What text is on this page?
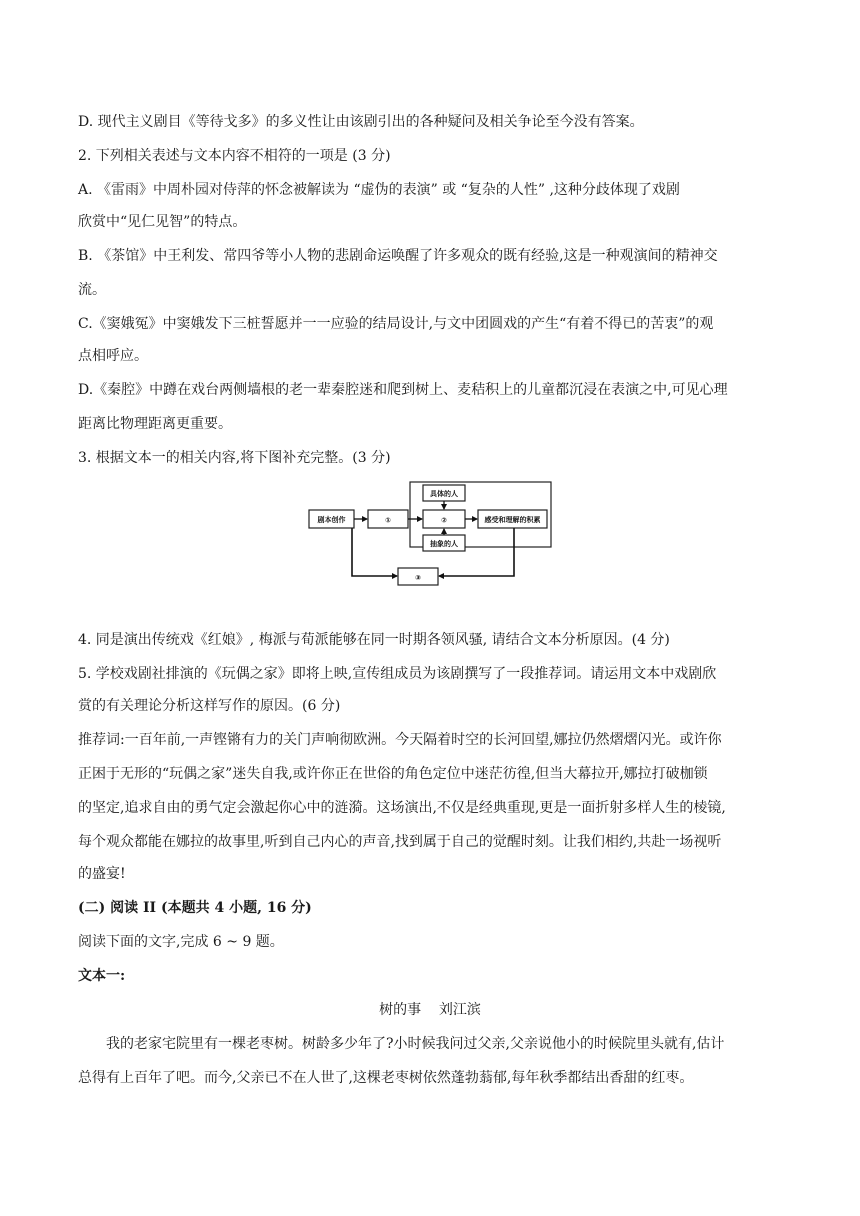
D. 现代主义剧目《等待戈多》的多义性让由该剧引出的各种疑问及相关争论至今没有答案。
2. 下列相关表述与文本内容不相符的一项是 (3 分)
A. 《雷雨》中周朴园对侍萍的怀念被解读为 “虚伪的表演” 或 “复杂的人性” ,这种分歧体现了戏剧
欣赏中“见仁见智”的特点。
B. 《茶馆》中王利发、常四爷等小人物的悲剧命运唤醒了许多观众的既有经验,这是一种观演间的精神交
流。
C.《窦娥冤》中窦娥发下三桩誓愿并一一应验的结局设计,与文中团圆戏的产生“有着不得已的苦衷”的观
点相呼应。
D.《秦腔》中蹲在戏台两侧墙根的老一辈秦腔迷和爬到树上、麦秸积上的儿童都沉浸在表演之中,可见心理
距离比物理距离更重要。
3. 根据文本一的相关内容,将下图补充完整。(3 分)
剧本创作	①
具体的人
②
抽象的人
感受和理解的积累
③
4. 同是演出传统戏《红娘》, 梅派与荀派能够在同一时期各领风骚, 请结合文本分析原因。(4 分)
5. 学校戏剧社排演的《玩偶之家》即将上映,宣传组成员为该剧撰写了一段推荐词。请运用文本中戏剧欣
赏的有关理论分析这样写作的原因。(6 分)
推荐词:一百年前,一声铿锵有力的关门声响彻欧洲。今天隔着时空的长河回望,娜拉仍然熠熠闪光。或许你
正困于无形的“玩偶之家”迷失自我,或许你正在世俗的角色定位中迷茫彷徨,但当大幕拉开,娜拉打破枷锁
的坚定,追求自由的勇气定会激起你心中的涟漪。这场演出,不仅是经典重现,更是一面折射多样人生的棱镜,
每个观众都能在娜拉的故事里,听到自己内心的声音,找到属于自己的觉醒时刻。让我们相约,共赴一场视听
的盛宴!
(二) 阅读 II (本题共 4 小题, 16 分)
阅读下面的文字,完成 6 ~ 9 题。
文本一:
树的事    刘江滨
我的老家宅院里有一棵老枣树。树龄多少年了?小时候我问过父亲,父亲说他小的时候院里头就有,估计
总得有上百年了吧。而今,父亲已不在人世了,这棵老枣树依然蓬勃蓊郁,每年秋季都结出香甜的红枣。
